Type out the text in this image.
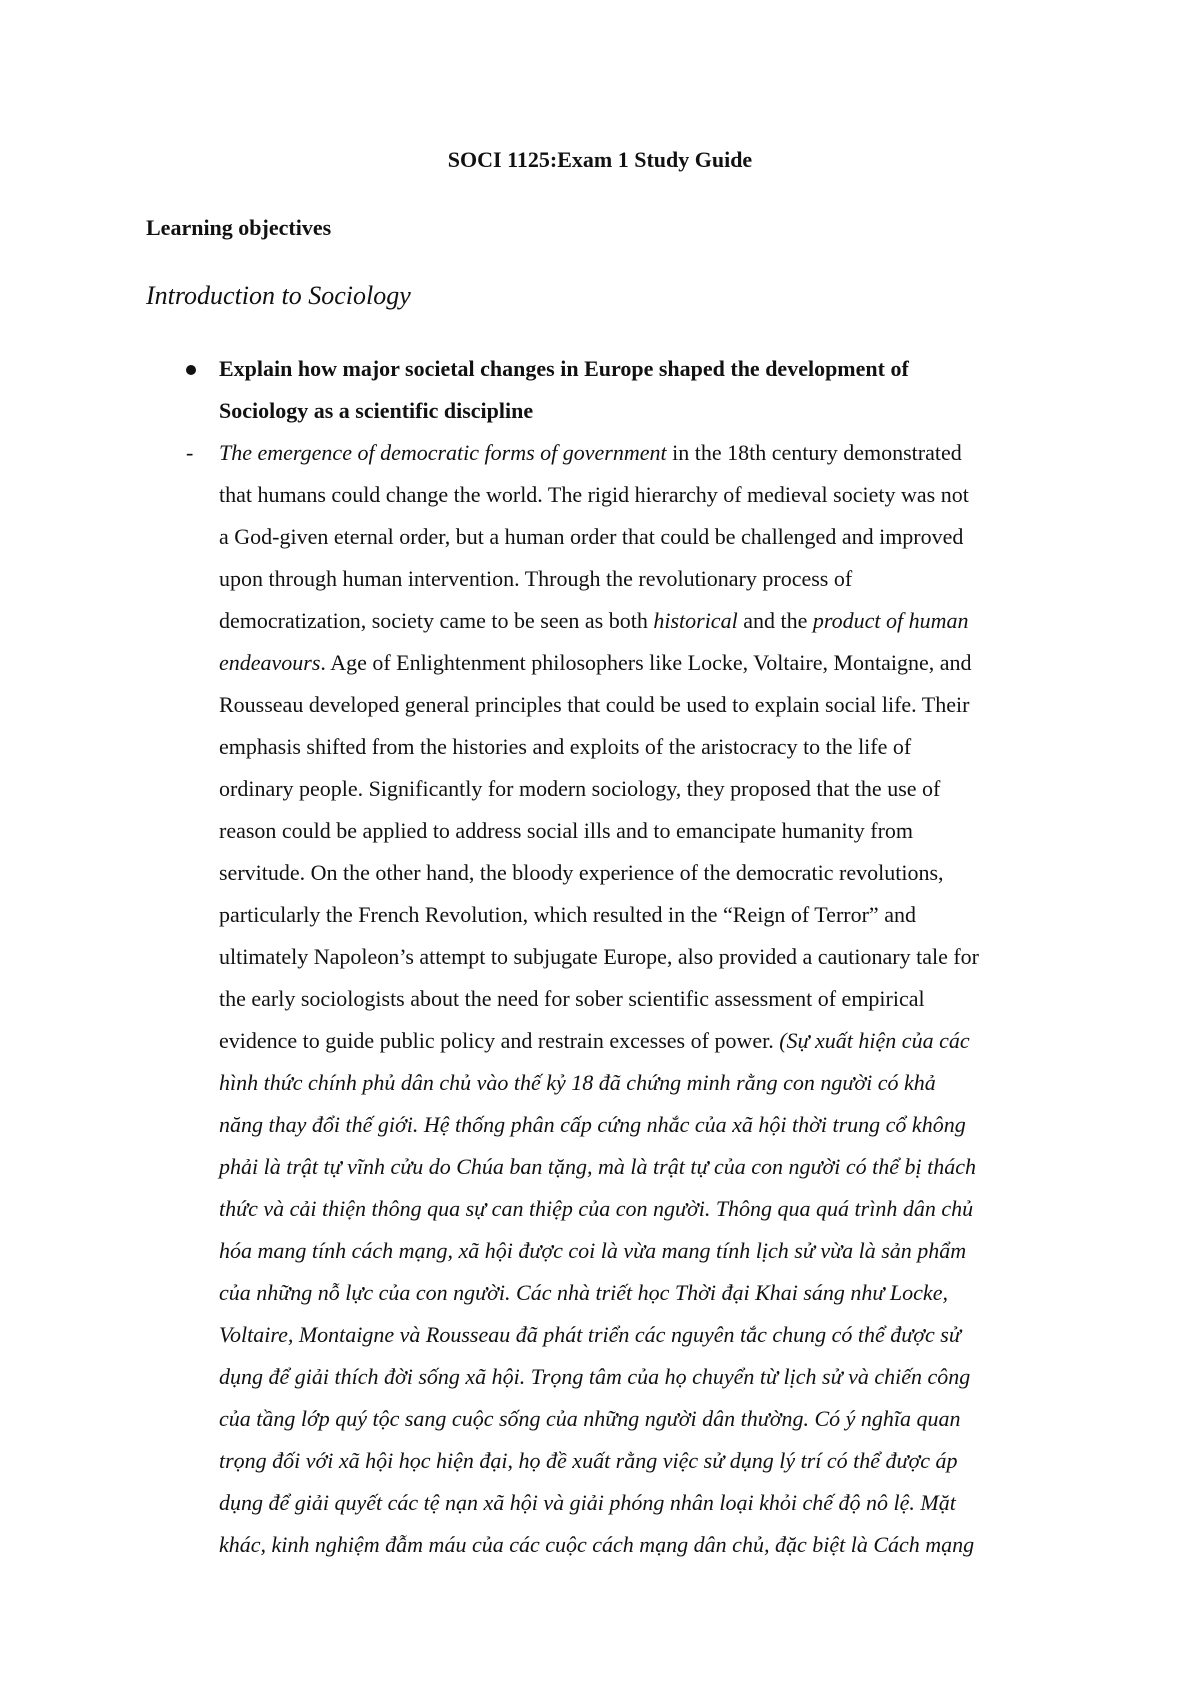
SOCI 1125:Exam 1 Study Guide
Learning objectives
Introduction to Sociology
Explain how major societal changes in Europe shaped the development of
Sociology as a scientific discipline
- The emergence of democratic forms of government in the 18th century demonstrated
that humans could change the world. The rigid hierarchy of medieval society was not
a God-given eternal order, but a human order that could be challenged and improved
upon through human intervention. Through the revolutionary process of
democratization, society came to be seen as both historical and the product of human
endeavours. Age of Enlightenment philosophers like Locke, Voltaire, Montaigne, and
Rousseau developed general principles that could be used to explain social life. Their
emphasis shifted from the histories and exploits of the aristocracy to the life of
ordinary people. Significantly for modern sociology, they proposed that the use of
reason could be applied to address social ills and to emancipate humanity from
servitude. On the other hand, the bloody experience of the democratic revolutions,
particularly the French Revolution, which resulted in the “Reign of Terror” and
ultimately Napoleon’s attempt to subjugate Europe, also provided a cautionary tale for
the early sociologists about the need for sober scientific assessment of empirical
evidence to guide public policy and restrain excesses of power. (Sự xuất hiện của các
hình thức chính phủ dân chủ vào thế kỷ 18 đã chứng minh rằng con người có khả
năng thay đổi thế giới. Hệ thống phân cấp cứng nhắc của xã hội thời trung cổ không
phải là trật tự vĩnh cửu do Chúa ban tặng, mà là trật tự của con người có thể bị thách
thức và cải thiện thông qua sự can thiệp của con người. Thông qua quá trình dân chủ
hóa mang tính cách mạng, xã hội được coi là vừa mang tính lịch sử vừa là sản phẩm
của những nỗ lực của con người. Các nhà triết học Thời đại Khai sáng như Locke,
Voltaire, Montaigne và Rousseau đã phát triển các nguyên tắc chung có thể được sử
dụng để giải thích đời sống xã hội. Trọng tâm của họ chuyển từ lịch sử và chiến công
của tầng lớp quý tộc sang cuộc sống của những người dân thường. Có ý nghĩa quan
trọng đối với xã hội học hiện đại, họ đề xuất rằng việc sử dụng lý trí có thể được áp
dụng để giải quyết các tệ nạn xã hội và giải phóng nhân loại khỏi chế độ nô lệ. Mặt
khác, kinh nghiệm đẫm máu của các cuộc cách mạng dân chủ, đặc biệt là Cách mạng
